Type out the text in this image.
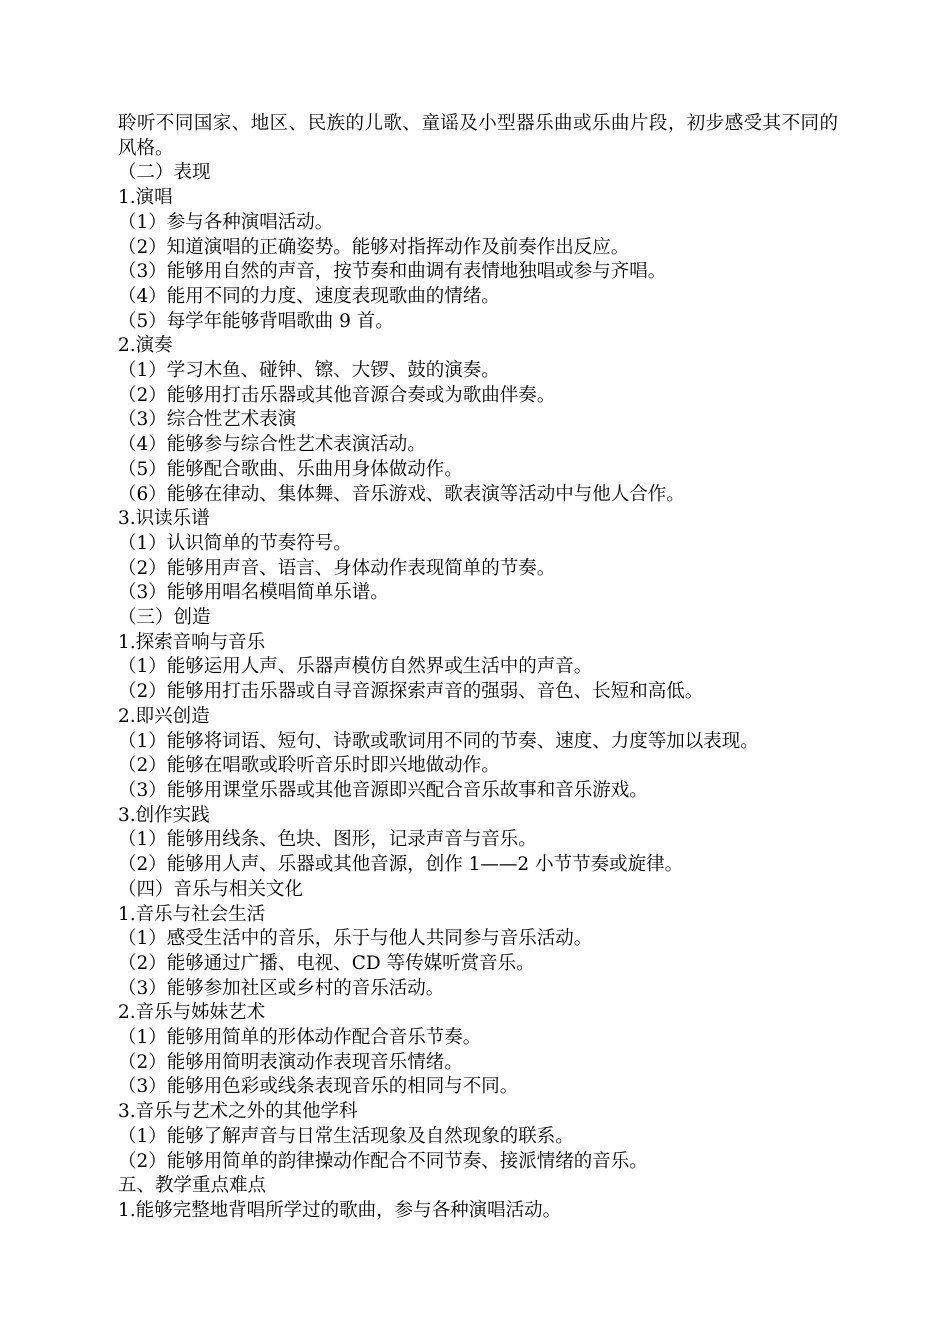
聆听不同国家、地区、民族的儿歌、童谣及小型器乐曲或乐曲片段，初步感受其不同的风格。
（二）表现
1.演唱
（1）参与各种演唱活动。
（2）知道演唱的正确姿势。能够对指挥动作及前奏作出反应。
（3）能够用自然的声音，按节奏和曲调有表情地独唱或参与齐唱。
（4）能用不同的力度、速度表现歌曲的情绪。
（5）每学年能够背唱歌曲 9 首。
2.演奏
（1）学习木鱼、碰钟、镲、大锣、鼓的演奏。
（2）能够用打击乐器或其他音源合奏或为歌曲伴奏。
（3）综合性艺术表演
（4）能够参与综合性艺术表演活动。
（5）能够配合歌曲、乐曲用身体做动作。
（6）能够在律动、集体舞、音乐游戏、歌表演等活动中与他人合作。
3.识读乐谱
（1）认识简单的节奏符号。
（2）能够用声音、语言、身体动作表现简单的节奏。
（3）能够用唱名模唱简单乐谱。
（三）创造
1.探索音响与音乐
（1）能够运用人声、乐器声模仿自然界或生活中的声音。
（2）能够用打击乐器或自寻音源探索声音的强弱、音色、长短和高低。
2.即兴创造
（1）能够将词语、短句、诗歌或歌词用不同的节奏、速度、力度等加以表现。
（2）能够在唱歌或聆听音乐时即兴地做动作。
（3）能够用课堂乐器或其他音源即兴配合音乐故事和音乐游戏。
3.创作实践
（1）能够用线条、色块、图形，记录声音与音乐。
（2）能够用人声、乐器或其他音源，创作 1——2 小节节奏或旋律。
（四）音乐与相关文化
1.音乐与社会生活
（1）感受生活中的音乐，乐于与他人共同参与音乐活动。
（2）能够通过广播、电视、CD 等传媒听赏音乐。
（3）能够参加社区或乡村的音乐活动。
2.音乐与姊妹艺术
（1）能够用简单的形体动作配合音乐节奏。
（2）能够用简明表演动作表现音乐情绪。
（3）能够用色彩或线条表现音乐的相同与不同。
3.音乐与艺术之外的其他学科
（1）能够了解声音与日常生活现象及自然现象的联系。
（2）能够用简单的韵律操动作配合不同节奏、接派情绪的音乐。
五、教学重点难点
1.能够完整地背唱所学过的歌曲，参与各种演唱活动。
